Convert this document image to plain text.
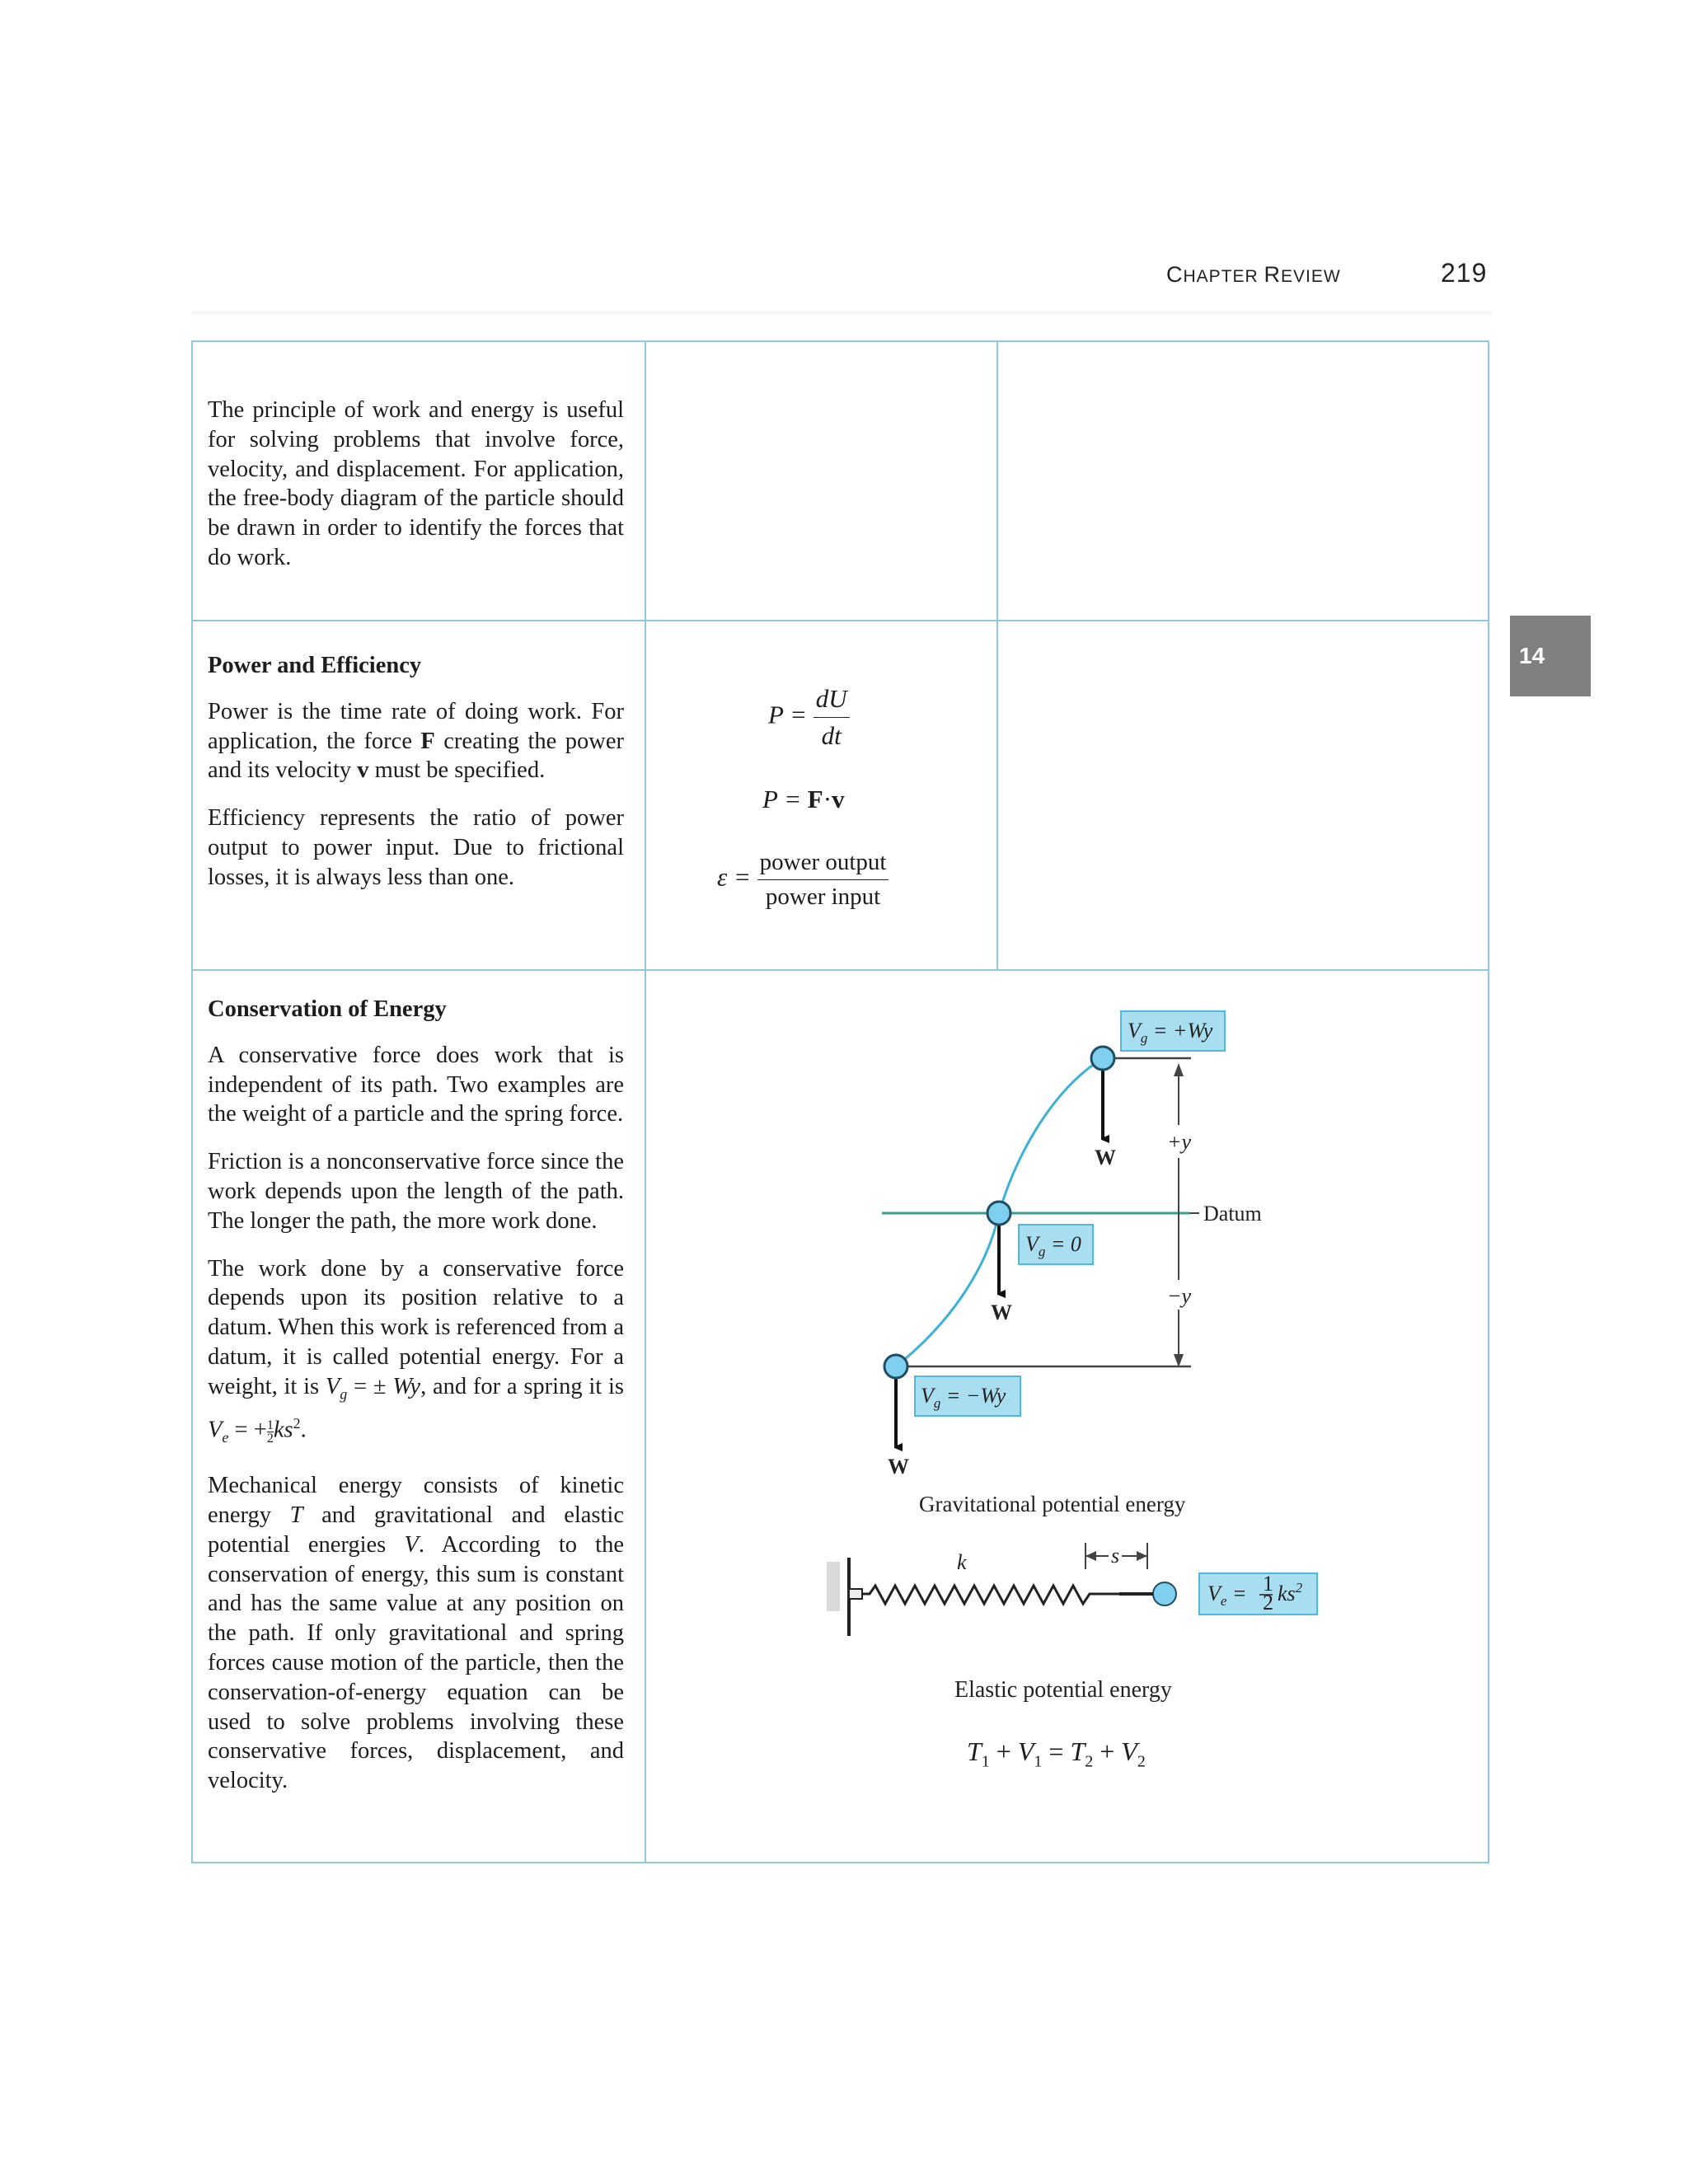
CHAPTER REVIEW	219
14

The principle of work and energy is useful for solving problems that involve force, velocity, and displacement. For application, the free-body diagram of the particle should be drawn in order to identify the forces that do work.

Power and Efficiency

Power is the time rate of doing work. For application, the force F creating the power and its velocity v must be specified.

Efficiency represents the ratio of power output to power input. Due to frictional losses, it is always less than one.

$P = \frac{dU}{dt}$
P = F·v
$\varepsilon = \frac{\text{power output}}{\text{power input}}$
Conservation of Energy

A conservative force does work that is independent of its path. Two examples are the weight of a particle and the spring force.

Friction is a nonconservative force since the work depends upon the length of the path. The longer the path, the more work done.

The work done by a conservative force depends upon its position relative to a datum. When this work is referenced from a datum, it is called potential energy. For a weight, it is $V_g$ = ± Wy, and for a spring it is $V_e$ = + $\frac{1}{2} ks^2$.

Mechanical energy consists of kinetic energy T and gravitational and elastic potential energies V. According to the conservation of energy, this sum is constant and has the same value at any position on the path. If only gravitational and spring forces cause motion of the particle, then the conservation-of-energy equation can be used to solve problems involving these conservative forces, displacement, and velocity.

+y
−y
Datum
W
W
W
$V_g = +Wy$
$V_g = 0$
$V_g = -Wy$
Gravitational potential energy
k	s
$V_e = 1$
2 $ks^2$
Elastic potential energy
$T_1 + V_1 = T_2 + V_2$
